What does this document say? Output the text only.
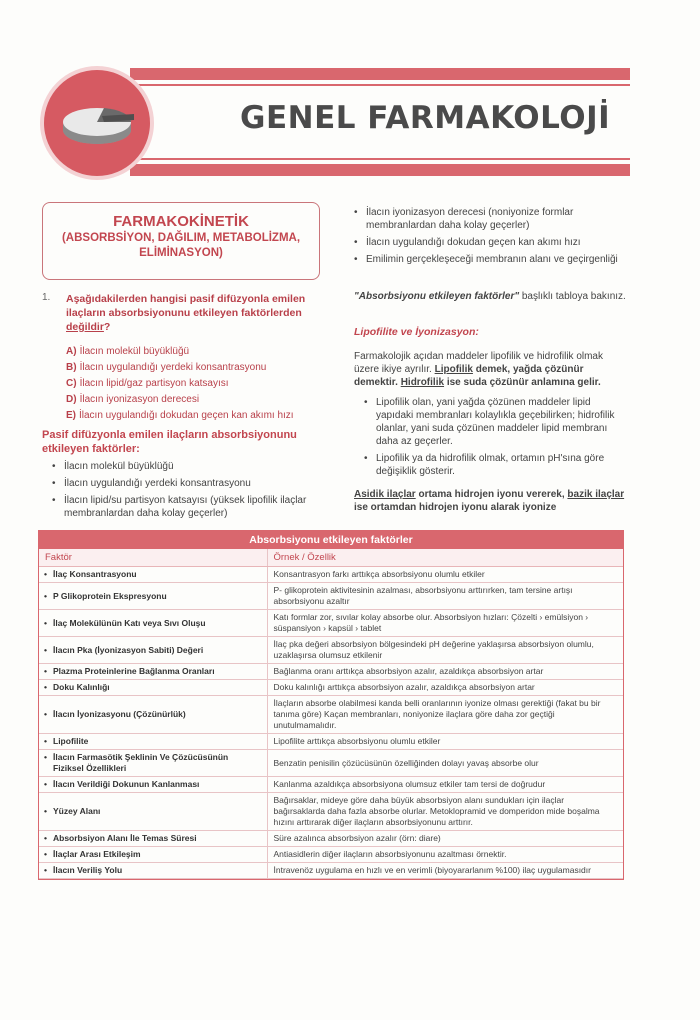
GENEL FARMAKOLOJİ
FARMAKOKİNETİK
(ABSORBSİYON, DAĞILIM, METABOLİZMA, ELİMİNASYON)
1. Aşağıdakilerden hangisi pasif difüzyonla emilen ilaçların absorbsiyonunu etkileyen faktörlerden değildir?
A) İlacın molekül büyüklüğü
B) İlacın uygulandığı yerdeki konsantrasyonu
C) İlacın lipid/gaz partisyon katsayısı
D) İlacın iyonizasyon derecesi
E) İlacın uygulandığı dokudan geçen kan akımı hızı
Pasif difüzyonla emilen ilaçların absorbsiyonunu etkileyen faktörler:
• İlacın molekül büyüklüğü
• İlacın uygulandığı yerdeki konsantrasyonu
• İlacın lipid/su partisyon katsayısı (yüksek lipofilik ilaçlar membranlardan daha kolay geçerler)
• İlacın iyonizasyon derecesi (noniyonize formlar membranlardan daha kolay geçerler)
• İlacın uygulandığı dokudan geçen kan akımı hızı
• Emilimin gerçekleşeceği membranın alanı ve geçirgenliği
"Absorbsiyonu etkileyen faktörler" başlıklı tabloya bakınız.
Lipofilite ve İyonizasyon:
Farmakolojik açıdan maddeler lipofilik ve hidrofilik olmak üzere ikiye ayrılır. Lipofilik demek, yağda çözünür demektir. Hidrofilik ise suda çözünür anlamına gelir.
• Lipofilik olan, yani yağda çözünen maddeler lipid yapıdaki membranları kolaylıkla geçebilirken; hidrofilik olanlar, yani suda çözünen maddeler lipid membranı daha az geçerler.
• Lipofilik ya da hidrofilik olmak, ortamın pH'sına göre değişiklik gösterir.
Asidik ilaçlar ortama hidrojen iyonu vererek, bazik ilaçlar ise ortamdan hidrojen iyonu alarak iyonize
Absorbsiyonu etkileyen faktörler
Faktör	Örnek / Özellik
• İlaç Konsantrasyonu	Konsantrasyon farkı arttıkça absorbsiyonu olumlu etkiler
• P Glikoprotein Ekspresyonu	P- glikoprotein aktivitesinin azalması, absorbsiyonu arttırırken, tam tersine artışı absorbsiyonu azaltır
• İlaç Molekülünün Katı veya Sıvı Oluşu	Katı formlar zor, sıvılar kolay absorbe olur. Absorbsiyon hızları: Çözelti › emülsiyon › süspansiyon › kapsül › tablet
• İlacın Pka (İyonizasyon Sabiti) Değeri	İlaç pka değeri absorbsiyon bölgesindeki pH değerine yaklaşırsa absorbsiyon olumlu, uzaklaşırsa olumsuz etkilenir
• Plazma Proteinlerine Bağlanma Oranları	Bağlanma oranı arttıkça absorbsiyon azalır, azaldıkça absorbsiyon artar
• Doku Kalınlığı	Doku kalınlığı arttıkça absorbsiyon azalır, azaldıkça absorbsiyon artar
• İlacın İyonizasyonu (Çözünürlük)	İlaçların absorbe olabilmesi kanda belli oranlarının iyonize olması gerektiği (fakat bu bir tanıma göre) Kaçan membranları, noniyonize ilaçlara göre daha zor geçtiği unutulmamalıdır.
• Lipofilite	Lipofilite arttıkça absorbsiyonu olumlu etkiler
• İlacın Farmasötik Şeklinin Ve Çözücüsünün Fiziksel Özellikleri	Benzatin penisilin çözücüsünün özelliğinden dolayı yavaş absorbe olur
• İlacın Verildiği Dokunun Kanlanması	Kanlanma azaldıkça absorbsiyona olumsuz etkiler tam tersi de doğrudur
• Yüzey Alanı	Bağırsaklar, mideye göre daha büyük absorbsiyon alanı sundukları için ilaçlar bağırsaklarda daha fazla absorbe olurlar. Metoklopramid ve domperidon mide boşalma hızını arttırarak diğer ilaçların absorbsiyonunu arttırır.
• Absorbsiyon Alanı İle Temas Süresi	Süre azalınca absorbsiyon azalır (örn: diare)
• İlaçlar Arası Etkileşim	Antiasidlerin diğer ilaçların absorbsiyonunu azaltması örnektir.
• İlacın Veriliş Yolu	İntravenöz uygulama en hızlı ve en verimli (biyoyararlanım %100) ilaç uygulamasıdır
